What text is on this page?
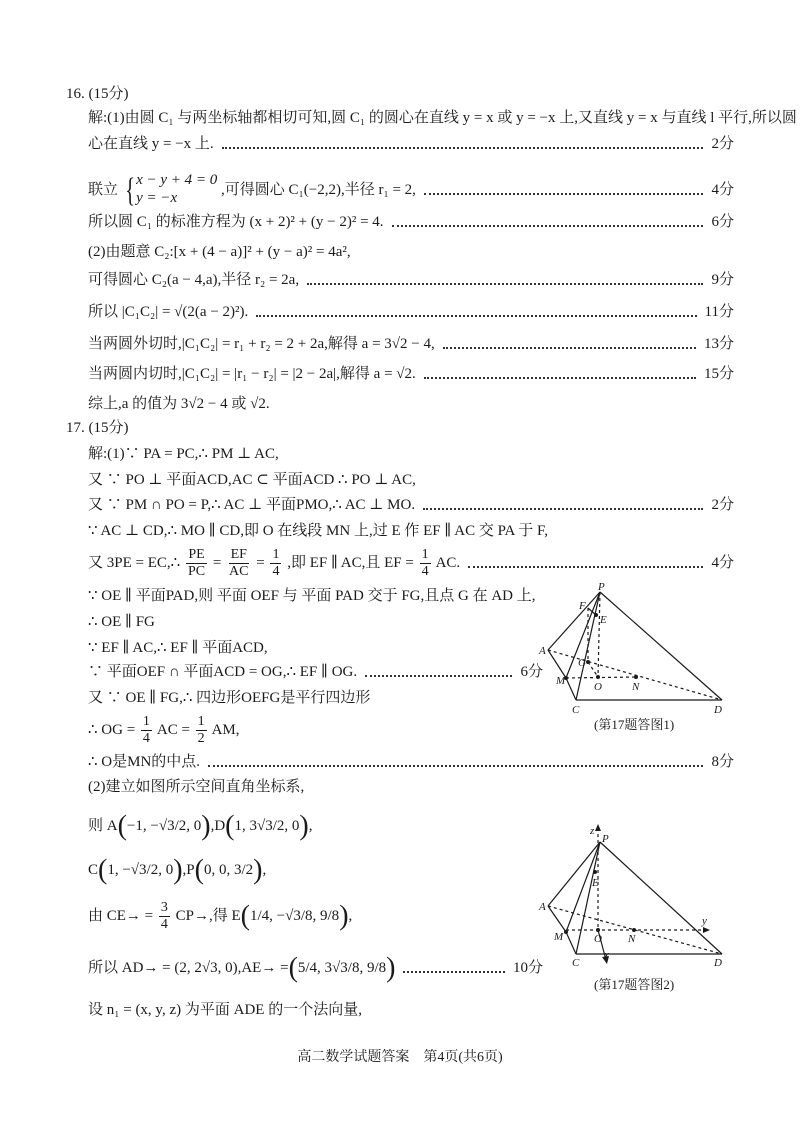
16. (15分)
解:(1)由圆 C₁ 与两坐标轴都相切可知,圆 C₁ 的圆心在直线 y = x 或 y = −x 上,又直线 y = x 与直线 l 平行,所以圆
心在直线 y = −x 上.	2分
联立 { x − y + 4 = 0
y = −x	,可得圆心 C₁(−2,2),半径 r₁ = 2,	4分
所以圆 C₁ 的标准方程为 (x + 2)² + (y − 2)² = 4.	6分
(2)由题意 C₂:[x + (4 − a)]² + (y − a)² = 4a²,
可得圆心 C₂(a − 4,a),半径 r₂ = 2a,	9分
所以 |C₁C₂| = √(2(a − 2)²).	11分
当两圆外切时,|C₁C₂| = r₁ + r₂ = 2 + 2a,解得 a = 3√2 − 4,	13分
当两圆内切时,|C₁C₂| = |r₁ − r₂| = |2 − 2a|,解得 a = √2.	15分
综上,a 的值为 3√2 − 4 或 √2.
17. (15分)
解:(1)∵ PA = PC,∴ PM ⊥ AC,
又 ∵ PO ⊥ 平面ACD,AC ⊂ 平面ACD ∴ PO ⊥ AC,
又 ∵ PM ∩ PO = P,∴ AC ⊥ 平面PMO,∴ AC ⊥ MO.	2分
∵ AC ⊥ CD,∴ MO ∥ CD,即 O 在线段 MN 上,过 E 作 EF ∥ AC 交 PA 于 F,
又 3PE = EC,∴ $\frac{PE}{PC} = \frac{EF}{AC} = \frac{1}{4}$ ,即 EF ∥ AC,且 EF = $\frac{1}{4}$ AC.	4分
∵ OE ∥ 平面PAD,则 平面 OEF 与 平面 PAD 交于 FG,且点 G 在 AD 上,
∴ OE ∥ FG
∵ EF ∥ AC,∴ EF ∥ 平面ACD,
∵ 平面OEF ∩ 平面ACD = OG,∴ EF ∥ OG.	6分
又 ∵ OE ∥ FG,∴ 四边形OEFG是平行四边形
∴ OG = $\frac{1}{4}$ AC = $\frac{1}{2}$ AM,
∴ O是MN的中点.	8分
(2)建立如图所示空间直角坐标系,
则 A(−1, −√3/2, 0),D(1, 3√3/2, 0),
C(1, −√3/2, 0),P(0, 0, 3/2),
由 $CE\to = \frac{3}{4} CP\to$,得 E(1/4, −√3/8, 9/8),
所以 AD→ = (2, 2√3, 0),AE→ =(5/4, 3√3/8, 9/8)	10分
设 n₁ = (x, y, z) 为平面 ADE 的一个法向量,
P
F
E
A
G
M	O	N
C	D
(第17题答图1)
z
P
E
A
M	O N
y
C
x
D
(第17题答图2)
高二数学试题答案　第4页(共6页)
